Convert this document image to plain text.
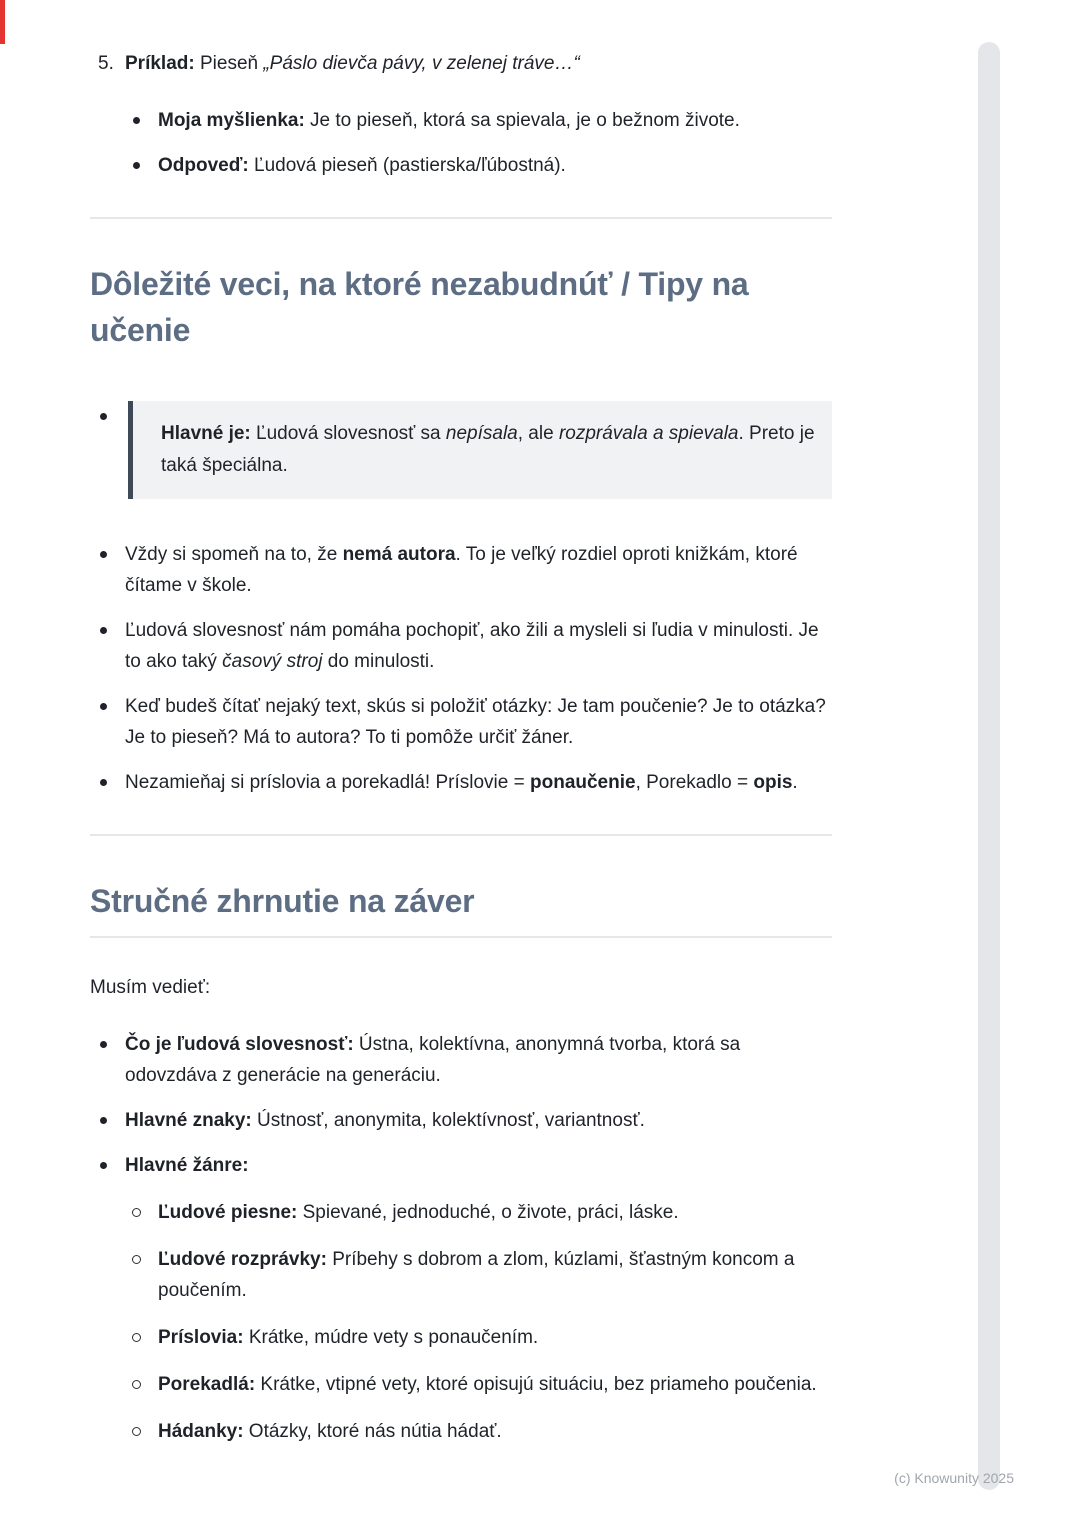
5. Príklad: Pieseň „Páslo dievča pávy, v zelenej tráve…“
Moja myšlienka: Je to pieseň, ktorá sa spievala, je o bežnom živote.
Odpoveď: Ľudová pieseň (pastierska/ľúbostná).
Dôležité veci, na ktoré nezabudnúť / Tipy na učenie
Hlavné je: Ľudová slovesnosť sa nepísala, ale rozprávala a spievala. Preto je taká špeciálna.
Vždy si spomeň na to, že nemá autora. To je veľký rozdiel oproti knižkám, ktoré čítame v škole.
Ľudová slovesnosť nám pomáha pochopiť, ako žili a mysleli si ľudia v minulosti. Je to ako taký časový stroj do minulosti.
Keď budeš čítať nejaký text, skús si položiť otázky: Je tam poučenie? Je to otázka? Je to pieseň? Má to autora? To ti pomôže určiť žáner.
Nezamieňaj si príslovia a porekadlá! Príslovie = ponaučenie, Porekadlo = opis.
Stručné zhrnutie na záver

Musím vedieť:

Čo je ľudová slovesnosť: Ústna, kolektívna, anonymná tvorba, ktorá sa odovzdáva z generácie na generáciu.
Hlavné znaky: Ústnosť, anonymita, kolektívnosť, variantnosť.
Hlavné žánre:
Ľudové piesne: Spievané, jednoduché, o živote, práci, láske.
Ľudové rozprávky: Príbehy s dobrom a zlom, kúzlami, šťastným koncom a poučením.
Príslovia: Krátke, múdre vety s ponaučením.
Porekadlá: Krátke, vtipné vety, ktoré opisujú situáciu, bez priameho poučenia.
Hádanky: Otázky, ktoré nás nútia hádať.
(c) Knowunity 2025
